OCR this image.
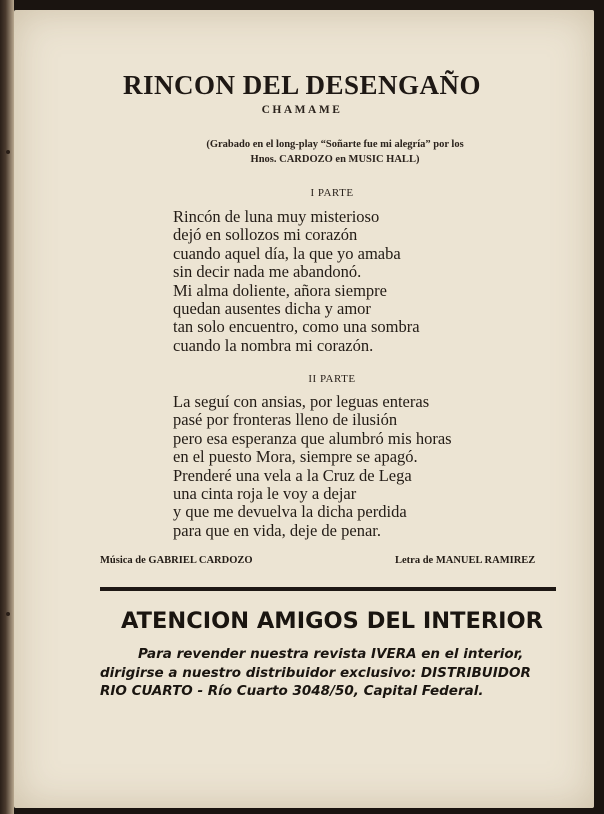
RINCON DEL DESENGAÑO
CHAMAME
(Grabado en el long-play “Soñarte fue mi alegría” por los
Hnos. CARDOZO en MUSIC HALL)
I PARTE
Rincón de luna muy misterioso
dejó en sollozos mi corazón
cuando aquel día, la que yo amaba
sin decir nada me abandonó.
Mi alma doliente, añora siempre
quedan ausentes dicha y amor
tan solo encuentro, como una sombra
cuando la nombra mi corazón.
II PARTE
La seguí con ansias, por leguas enteras
pasé por fronteras lleno de ilusión
pero esa esperanza que alumbró mis horas
en el puesto Mora, siempre se apagó.
Prenderé una vela a la Cruz de Lega
una cinta roja le voy a dejar
y que me devuelva la dicha perdida
para que en vida, deje de penar.
Música de GABRIEL CARDOZO	Letra de MANUEL RAMIREZ
ATENCION AMIGOS DEL INTERIOR
Para revender nuestra revista IVERA en el interior,
dirigirse a nuestro distribuidor exclusivo: DISTRIBUIDOR
RIO CUARTO - Río Cuarto 3048/50, Capital Federal.
